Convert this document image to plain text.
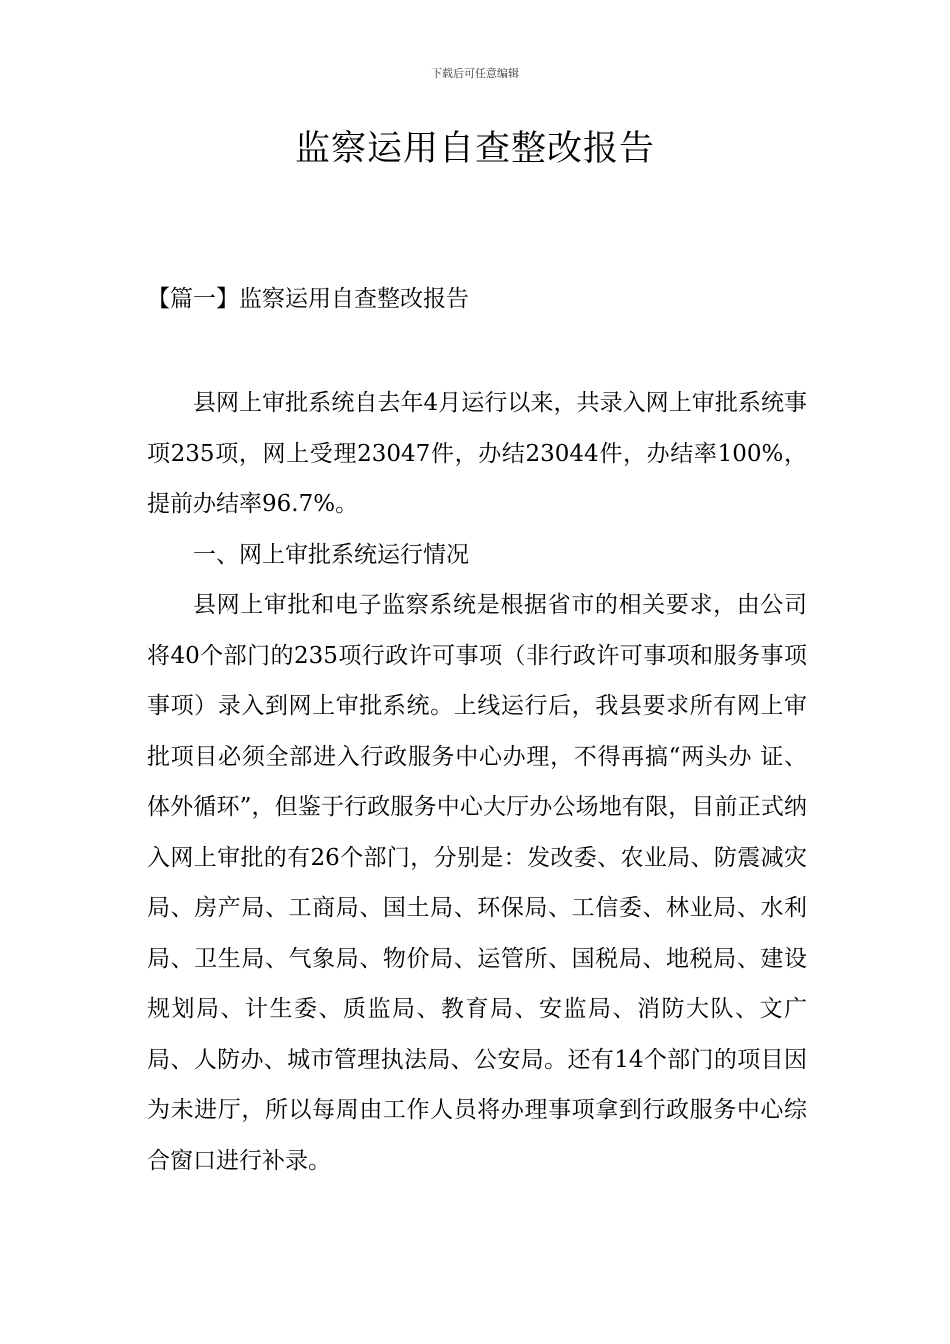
下载后可任意编辑
监察运用自查整改报告
【篇一】监察运用自查整改报告

县网上审批系统自去年4月运行以来，共录入网上审批系统事项235项，网上受理23047件，办结23044件，办结率100%，提前办结率96.7%。

一、网上审批系统运行情况

县网上审批和电子监察系统是根据省市的相关要求，由公司将40个部门的235项行政许可事项（非行政许可事项和服务事项事项）录入到网上审批系统。上线运行后，我县要求所有网上审批项目必须全部进入行政服务中心办理，不得再搞“两头办 证、体外循环”，但鉴于行政服务中心大厅办公场地有限，目前正式纳入网上审批的有26个部门，分别是：发改委、农业局、防震减灾局、房产局、工商局、国土局、环保局、工信委、林业局、水利局、卫生局、气象局、物价局、运管所、国税局、地税局、建设规划局、计生委、质监局、教育局、安监局、消防大队、文广局、人防办、城市管理执法局、公安局。还有14个部门的项目因为未进厅，所以每周由工作人员将办理事项拿到行政服务中心综合窗口进行补录。
